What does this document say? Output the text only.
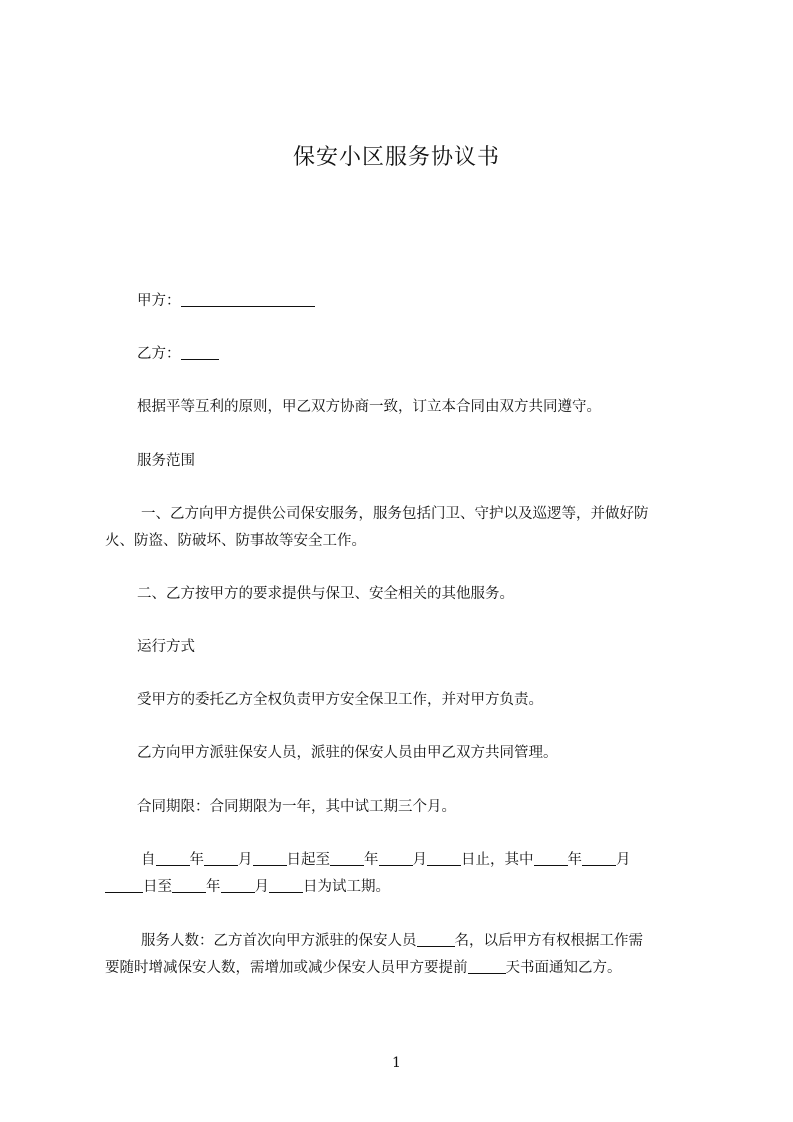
保安小区服务协议书
甲方：
乙方：
根据平等互利的原则，甲乙双方协商一致，订立本合同由双方共同遵守。
服务范围
一、乙方向甲方提供公司保安服务，服务包括门卫、守护以及巡逻等，并做好防
火、防盗、防破坏、防事故等安全工作。
二、乙方按甲方的要求提供与保卫、安全相关的其他服务。
运行方式
受甲方的委托乙方全权负责甲方安全保卫工作，并对甲方负责。
乙方向甲方派驻保安人员，派驻的保安人员由甲乙双方共同管理。
合同期限：合同期限为一年，其中试工期三个月。
自 年 月 日起至 年 月 日止，其中 年 月
日至 年 月 日为试工期。
服务人数：乙方首次向甲方派驻的保安人员	名，以后甲方有权根据工作需
要随时增减保安人数，需增加或减少保安人员甲方要提前	天书面通知乙方。
1
